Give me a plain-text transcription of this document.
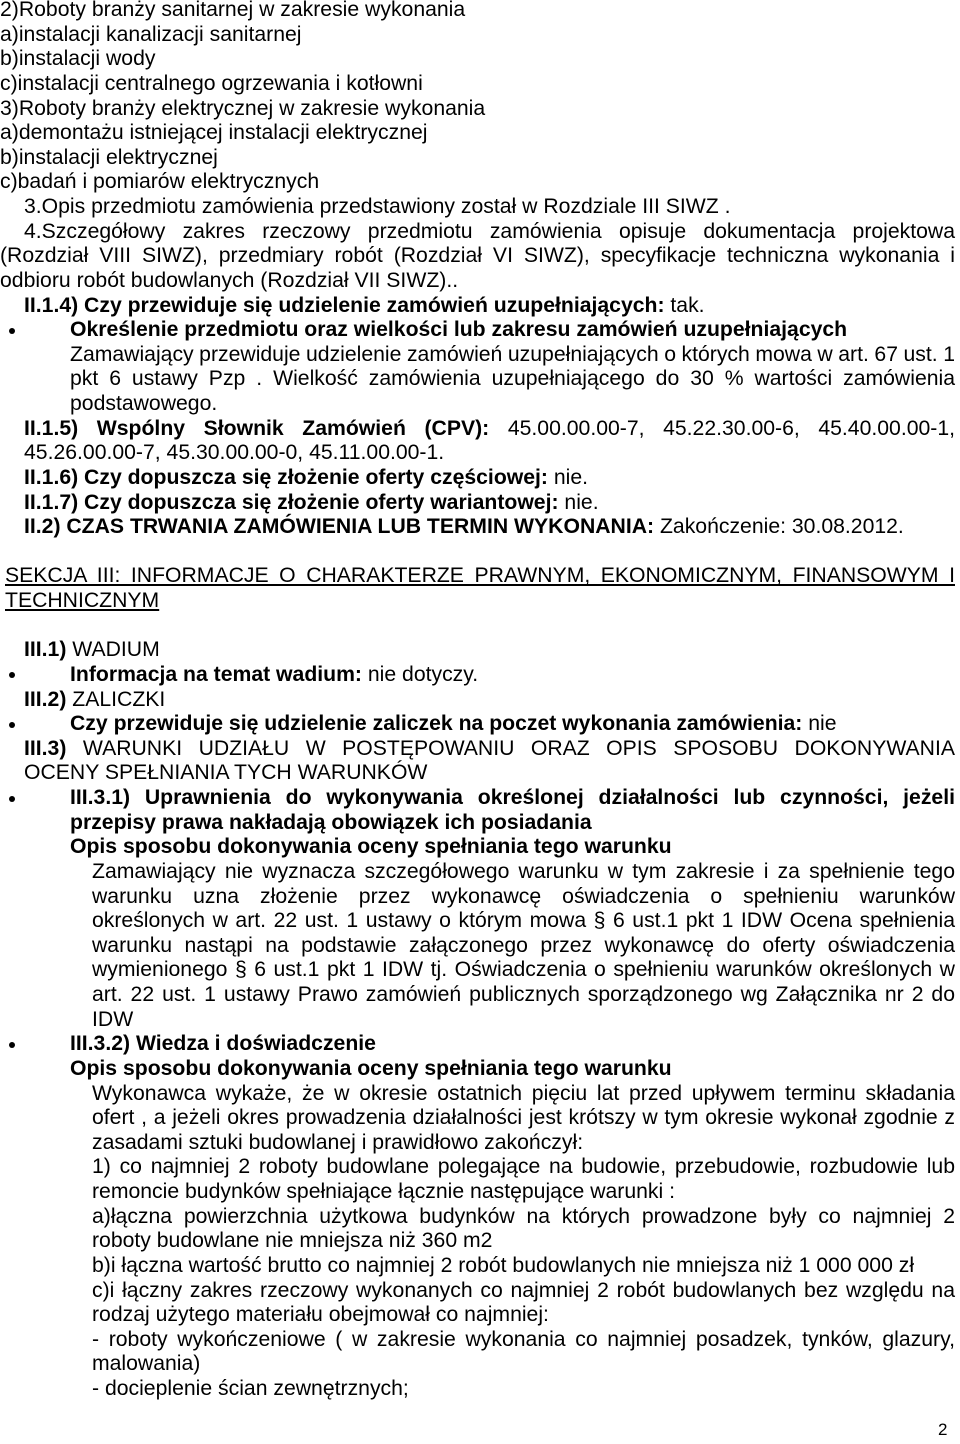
2)Roboty branży sanitarnej w zakresie wykonania
a)instalacji kanalizacji sanitarnej
b)instalacji wody
c)instalacji centralnego ogrzewania i kotłowni
3)Roboty branży elektrycznej w zakresie wykonania
a)demontażu istniejącej instalacji elektrycznej
b)instalacji elektrycznej
c)badań i pomiarów elektrycznych
3.Opis przedmiotu zamówienia przedstawiony został w Rozdziale III SIWZ .
4.Szczegółowy zakres rzeczowy przedmiotu zamówienia opisuje dokumentacja projektowa
(Rozdział VIII SIWZ), przedmiary robót (Rozdział VI SIWZ), specyfikacje techniczna wykonania i
odbioru robót budowlanych (Rozdział VII SIWZ)..
II.1.4) Czy przewiduje się udzielenie zamówień uzupełniających: tak.
Określenie przedmiotu oraz wielkości lub zakresu zamówień uzupełniających
Zamawiający przewiduje udzielenie zamówień uzupełniających o których mowa w art. 67 ust. 1
pkt 6 ustawy Pzp . Wielkość zamówienia uzupełniającego do 30 % wartości zamówienia
podstawowego.
II.1.5) Wspólny Słownik Zamówień (CPV): 45.00.00.00-7, 45.22.30.00-6, 45.40.00.00-1,
45.26.00.00-7, 45.30.00.00-0, 45.11.00.00-1.
II.1.6) Czy dopuszcza się złożenie oferty częściowej: nie.
II.1.7) Czy dopuszcza się złożenie oferty wariantowej: nie.
II.2) CZAS TRWANIA ZAMÓWIENIA LUB TERMIN WYKONANIA: Zakończenie: 30.08.2012.
SEKCJA III: INFORMACJE O CHARAKTERZE PRAWNYM, EKONOMICZNYM, FINANSOWYM I
TECHNICZNYM
III.1) WADIUM
Informacja na temat wadium: nie dotyczy.
III.2) ZALICZKI
Czy przewiduje się udzielenie zaliczek na poczet wykonania zamówienia: nie
III.3) WARUNKI UDZIAŁU W POSTĘPOWANIU ORAZ OPIS SPOSOBU DOKONYWANIA
OCENY SPEŁNIANIA TYCH WARUNKÓW
III.3.1) Uprawnienia do wykonywania określonej działalności lub czynności, jeżeli
przepisy prawa nakładają obowiązek ich posiadania
Opis sposobu dokonywania oceny spełniania tego warunku
Zamawiający nie wyznacza szczegółowego warunku w tym zakresie i za spełnienie tego
warunku uzna złożenie przez wykonawcę oświadczenia o spełnieniu warunków
określonych w art. 22 ust. 1 ustawy o którym mowa § 6 ust.1 pkt 1 IDW Ocena spełnienia
warunku nastąpi na podstawie załączonego przez wykonawcę do oferty oświadczenia
wymienionego § 6 ust.1 pkt 1 IDW tj. Oświadczenia o spełnieniu warunków określonych w
art. 22 ust. 1 ustawy Prawo zamówień publicznych sporządzonego wg Załącznika nr 2 do
IDW
III.3.2) Wiedza i doświadczenie
Opis sposobu dokonywania oceny spełniania tego warunku
Wykonawca wykaże, że w okresie ostatnich pięciu lat przed upływem terminu składania
ofert , a jeżeli okres prowadzenia działalności jest krótszy w tym okresie wykonał zgodnie z
zasadami sztuki budowlanej i prawidłowo zakończył:
1) co najmniej 2 roboty budowlane polegające na budowie, przebudowie, rozbudowie lub
remoncie budynków spełniające łącznie następujące warunki :
a)łączna powierzchnia użytkowa budynków na których prowadzone były co najmniej 2
roboty budowlane nie mniejsza niż 360 m2
b)i łączna wartość brutto co najmniej 2 robót budowlanych nie mniejsza niż 1 000 000 zł
c)i łączny zakres rzeczowy wykonanych co najmniej 2 robót budowlanych bez względu na
rodzaj użytego materiału obejmował co najmniej:
- roboty wykończeniowe ( w zakresie wykonania co najmniej posadzek, tynków, glazury,
malowania)
- docieplenie ścian zewnętrznych;
2
